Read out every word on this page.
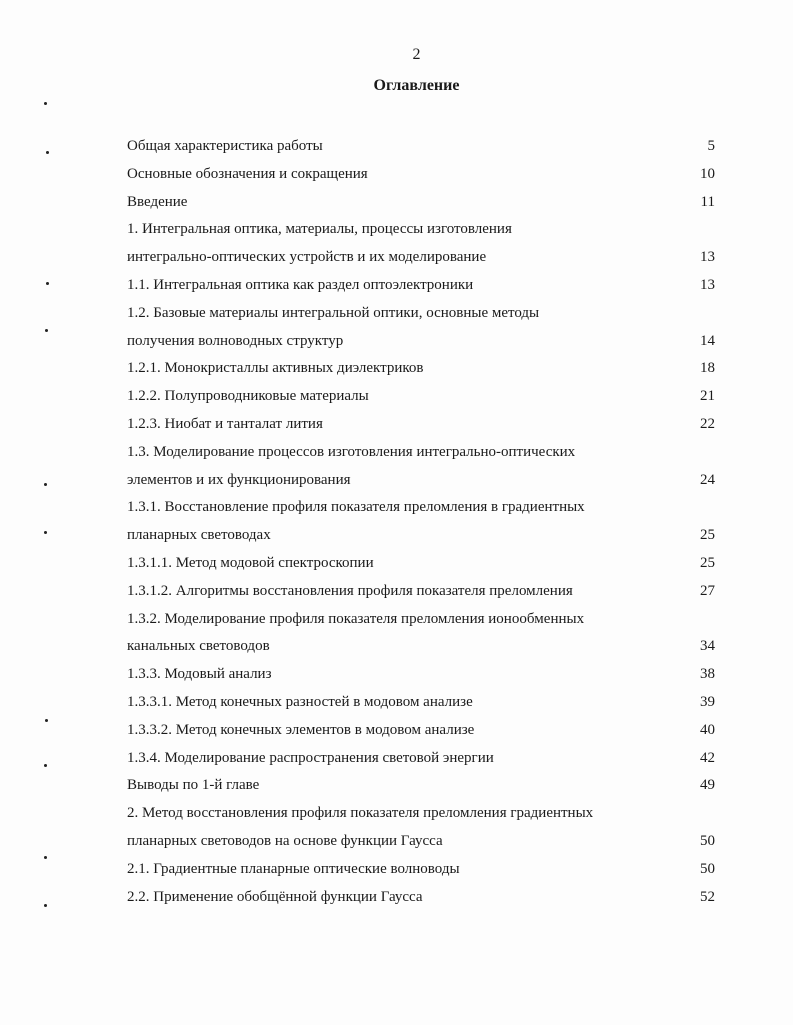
2
Оглавление
Общая характеристика работы	5
Основные обозначения и сокращения	10
Введение	11
1. Интегральная оптика, материалы, процессы изготовления
интегрально-оптических устройств и их моделирование	13
1.1. Интегральная оптика как раздел оптоэлектроники	13
1.2. Базовые материалы интегральной оптики, основные методы
получения волноводных структур	14
1.2.1. Монокристаллы активных диэлектриков	18
1.2.2. Полупроводниковые материалы	21
1.2.3. Ниобат и танталат лития	22
1.3. Моделирование процессов изготовления интегрально-оптических
элементов и их функционирования	24
1.3.1. Восстановление профиля показателя преломления в градиентных
планарных световодах	25
1.3.1.1. Метод модовой спектроскопии	25
1.3.1.2. Алгоритмы восстановления профиля показателя преломления	27
1.3.2. Моделирование профиля показателя преломления ионообменных
канальных световодов	34
1.3.3. Модовый анализ	38
1.3.3.1. Метод конечных разностей в модовом анализе	39
1.3.3.2. Метод конечных элементов в модовом анализе	40
1.3.4. Моделирование распространения световой энергии	42
Выводы по 1-й главе	49
2. Метод восстановления профиля показателя преломления градиентных
планарных световодов на основе функции Гаусса	50
2.1. Градиентные планарные оптические волноводы	50
2.2. Применение обобщённой функции Гаусса	52
